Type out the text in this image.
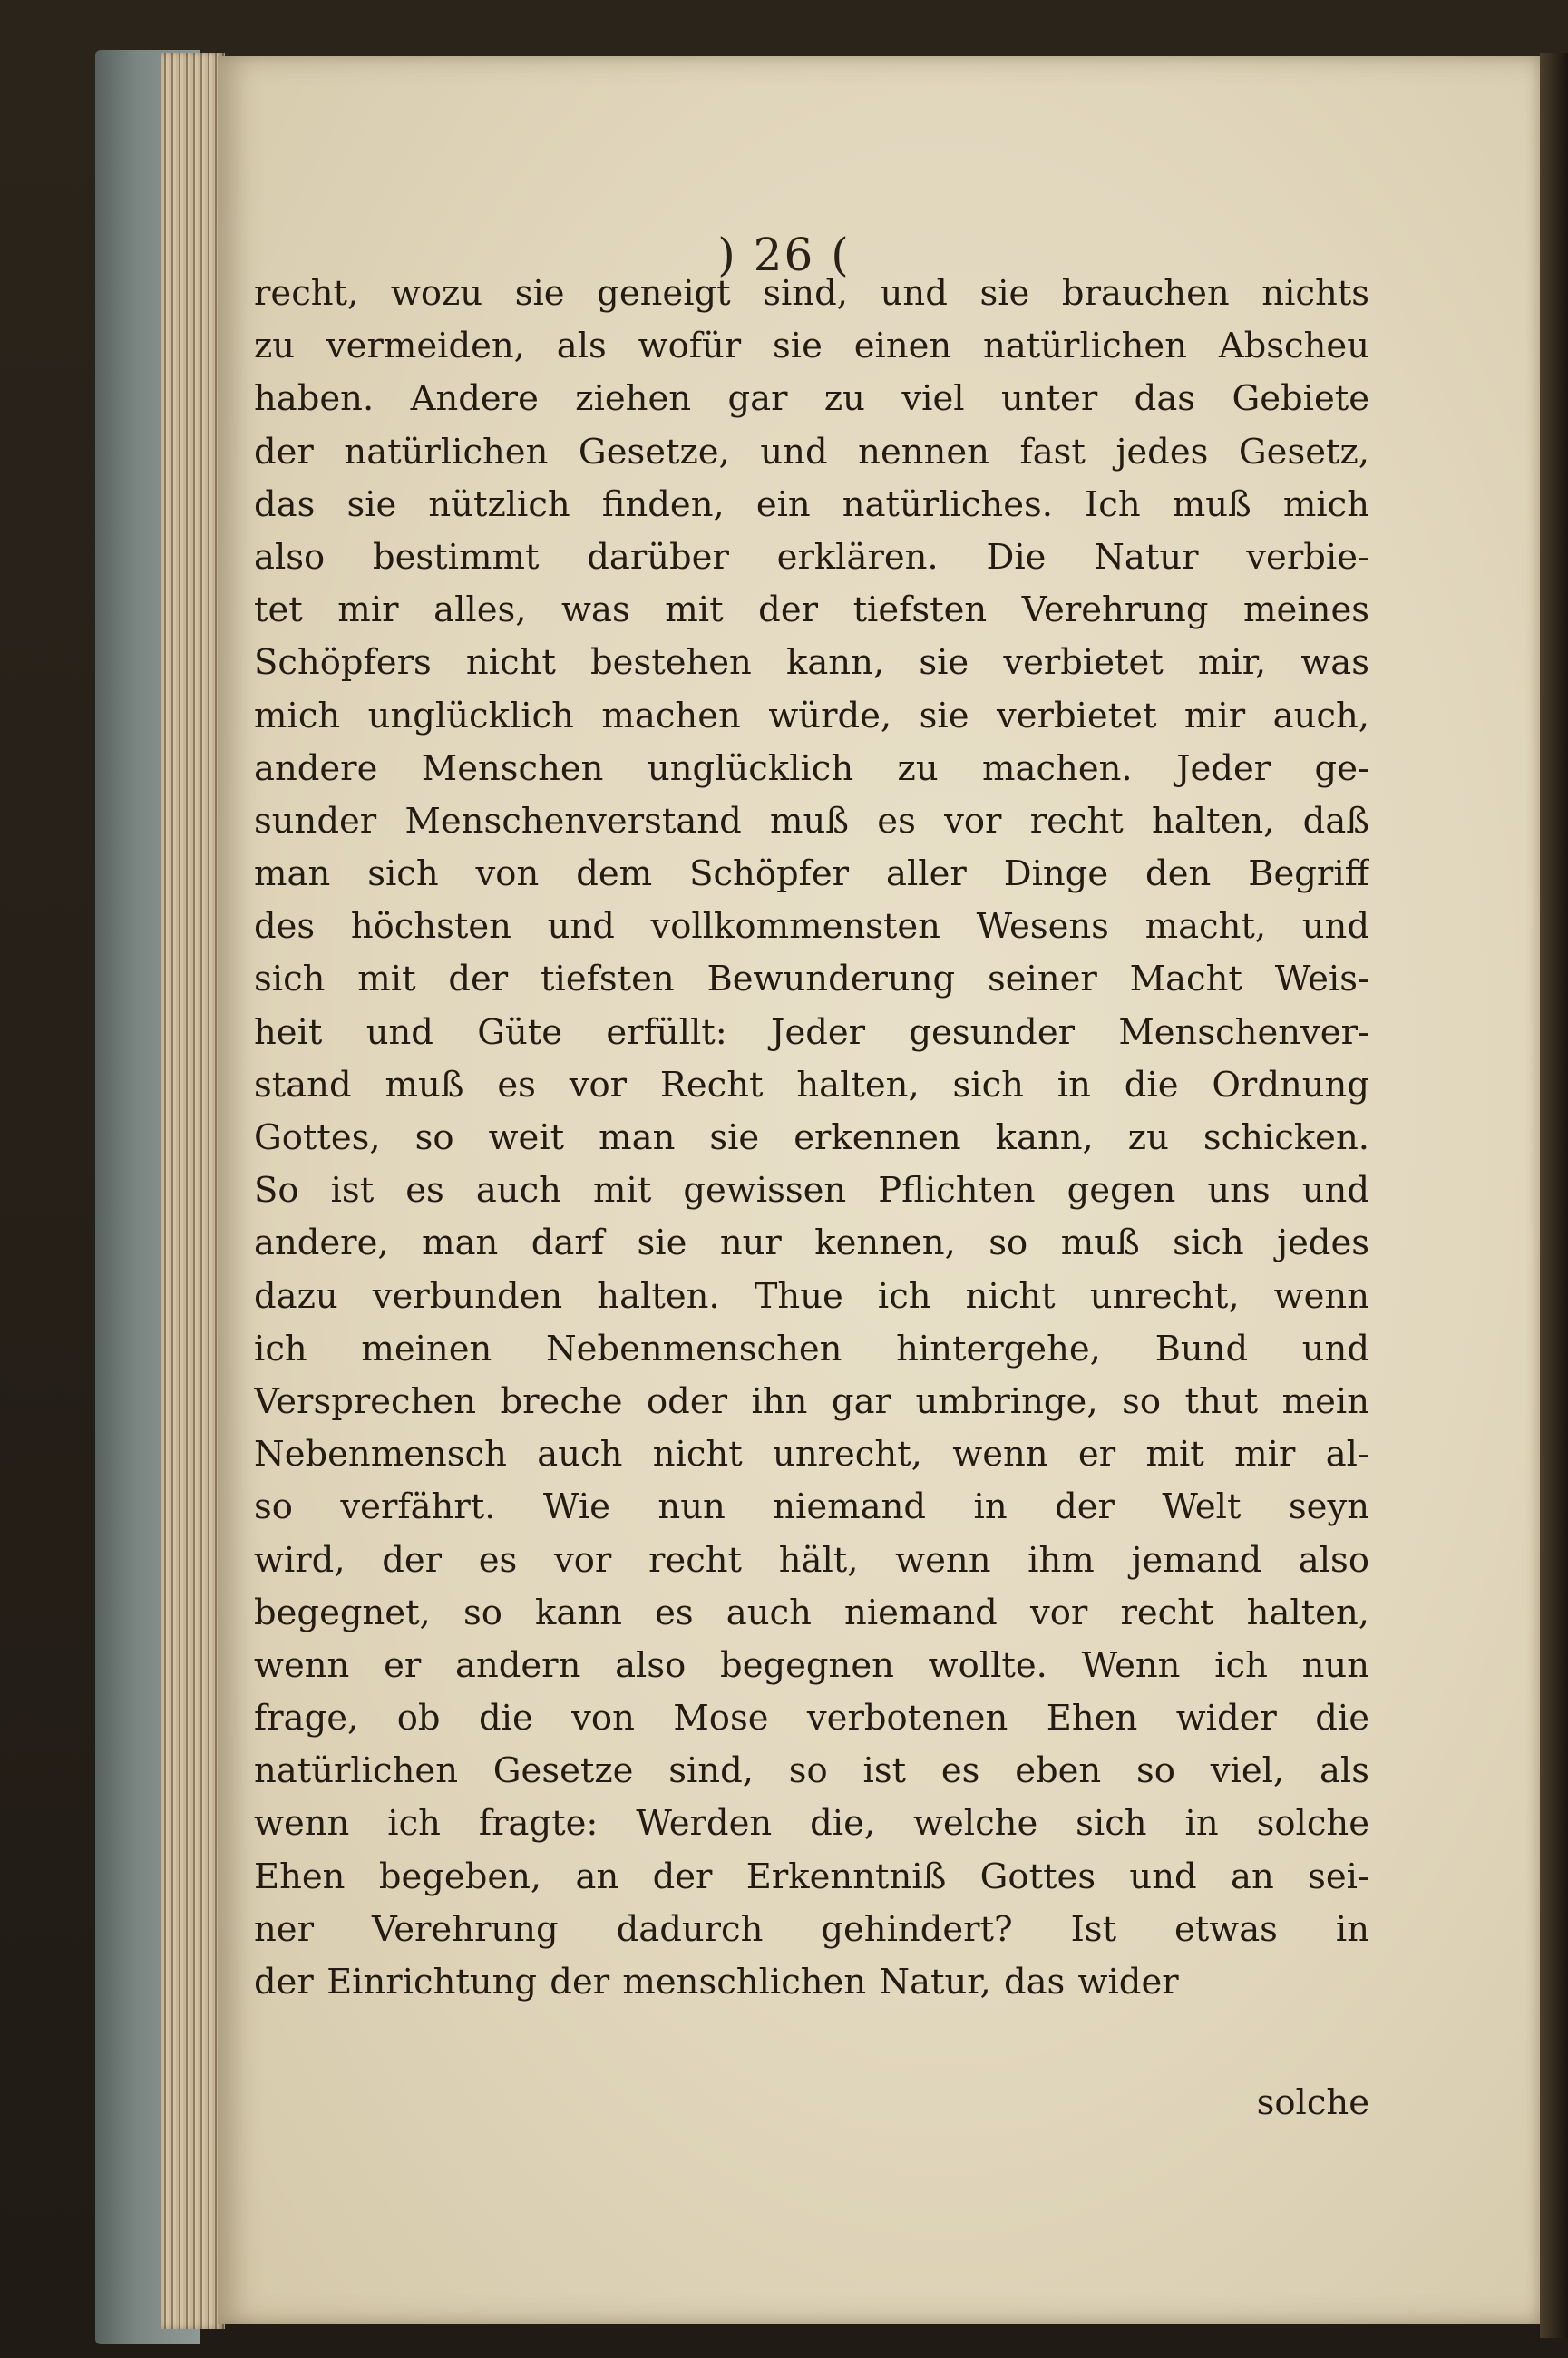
) 26 (
recht, wozu sie geneigt sind, und sie brauchen nichts
zu vermeiden, als wofür sie einen natürlichen Abscheu
haben. Andere ziehen gar zu viel unter das Gebiete
der natürlichen Gesetze, und nennen fast jedes Gesetz,
das sie nützlich finden, ein natürliches. Ich muß mich
also bestimmt darüber erklären. Die Natur verbie-
tet mir alles, was mit der tiefsten Verehrung meines
Schöpfers nicht bestehen kann, sie verbietet mir, was
mich unglücklich machen würde, sie verbietet mir auch,
andere Menschen unglücklich zu machen. Jeder ge-
sunder Menschenverstand muß es vor recht halten, daß
man sich von dem Schöpfer aller Dinge den Begriff
des höchsten und vollkommensten Wesens macht, und
sich mit der tiefsten Bewunderung seiner Macht Weis-
heit und Güte erfüllt: Jeder gesunder Menschenver-
stand muß es vor Recht halten, sich in die Ordnung
Gottes, so weit man sie erkennen kann, zu schicken.
So ist es auch mit gewissen Pflichten gegen uns und
andere, man darf sie nur kennen, so muß sich jedes
dazu verbunden halten. Thue ich nicht unrecht, wenn
ich meinen Nebenmenschen hintergehe, Bund und
Versprechen breche oder ihn gar umbringe, so thut mein
Nebenmensch auch nicht unrecht, wenn er mit mir al-
so verfährt. Wie nun niemand in der Welt seyn
wird, der es vor recht hält, wenn ihm jemand also
begegnet, so kann es auch niemand vor recht halten,
wenn er andern also begegnen wollte. Wenn ich nun
frage, ob die von Mose verbotenen Ehen wider die
natürlichen Gesetze sind, so ist es eben so viel, als
wenn ich fragte: Werden die, welche sich in solche
Ehen begeben, an der Erkenntniß Gottes und an sei-
ner Verehrung dadurch gehindert? Ist etwas in
der Einrichtung der menschlichen Natur, das wider
solche
